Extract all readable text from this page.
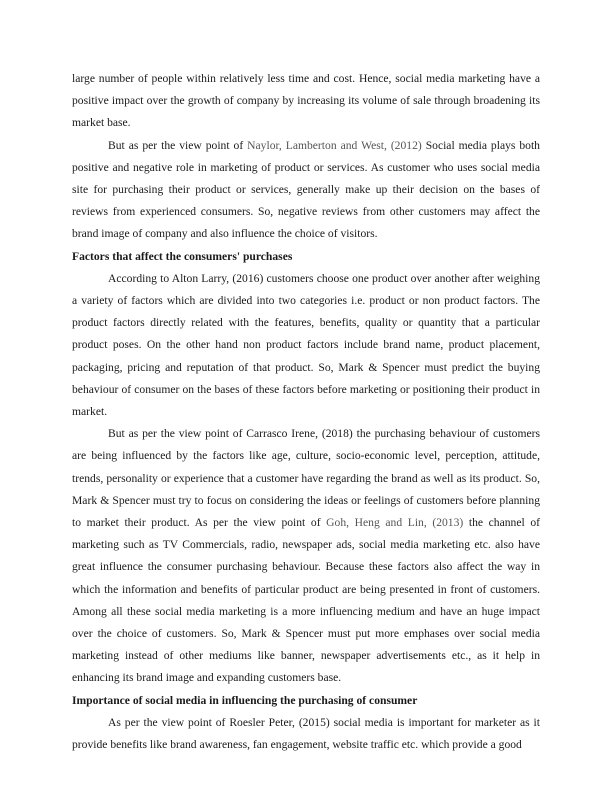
large number of people within relatively less time and cost. Hence, social media marketing have a positive impact over the growth of company by increasing its volume of sale through broadening its market base.

But as per the view point of Naylor, Lamberton and West, (2012) Social media plays both positive and negative role in marketing of product or services. As customer who uses social media site for purchasing their product or services, generally make up their decision on the bases of reviews from experienced consumers. So, negative reviews from other customers may affect the brand image of company and also influence the choice of visitors.

Factors that affect the consumers' purchases

According to Alton Larry, (2016) customers choose one product over another after weighing a variety of factors which are divided into two categories i.e. product or non product factors. The product factors directly related with the features, benefits, quality or quantity that a particular product poses. On the other hand non product factors include brand name, product placement, packaging, pricing and reputation of that product. So, Mark & Spencer must predict the buying behaviour of consumer on the bases of these factors before marketing or positioning their product in market.

But as per the view point of Carrasco Irene, (2018) the purchasing behaviour of customers are being influenced by the factors like age, culture, socio-economic level, perception, attitude, trends, personality or experience that a customer have regarding the brand as well as its product. So, Mark & Spencer must try to focus on considering the ideas or feelings of customers before planning to market their product. As per the view point of Goh, Heng and Lin, (2013) the channel of marketing such as TV Commercials, radio, newspaper ads, social media marketing etc. also have great influence the consumer purchasing behaviour. Because these factors also affect the way in which the information and benefits of particular product are being presented in front of customers. Among all these social media marketing is a more influencing medium and have an huge impact over the choice of customers. So, Mark & Spencer must put more emphases over social media marketing instead of other mediums like banner, newspaper advertisements etc., as it help in enhancing its brand image and expanding customers base.

Importance of social media in influencing the purchasing of consumer

As per the view point of Roesler Peter, (2015) social media is important for marketer as it provide benefits like brand awareness, fan engagement, website traffic etc. which provide a good
